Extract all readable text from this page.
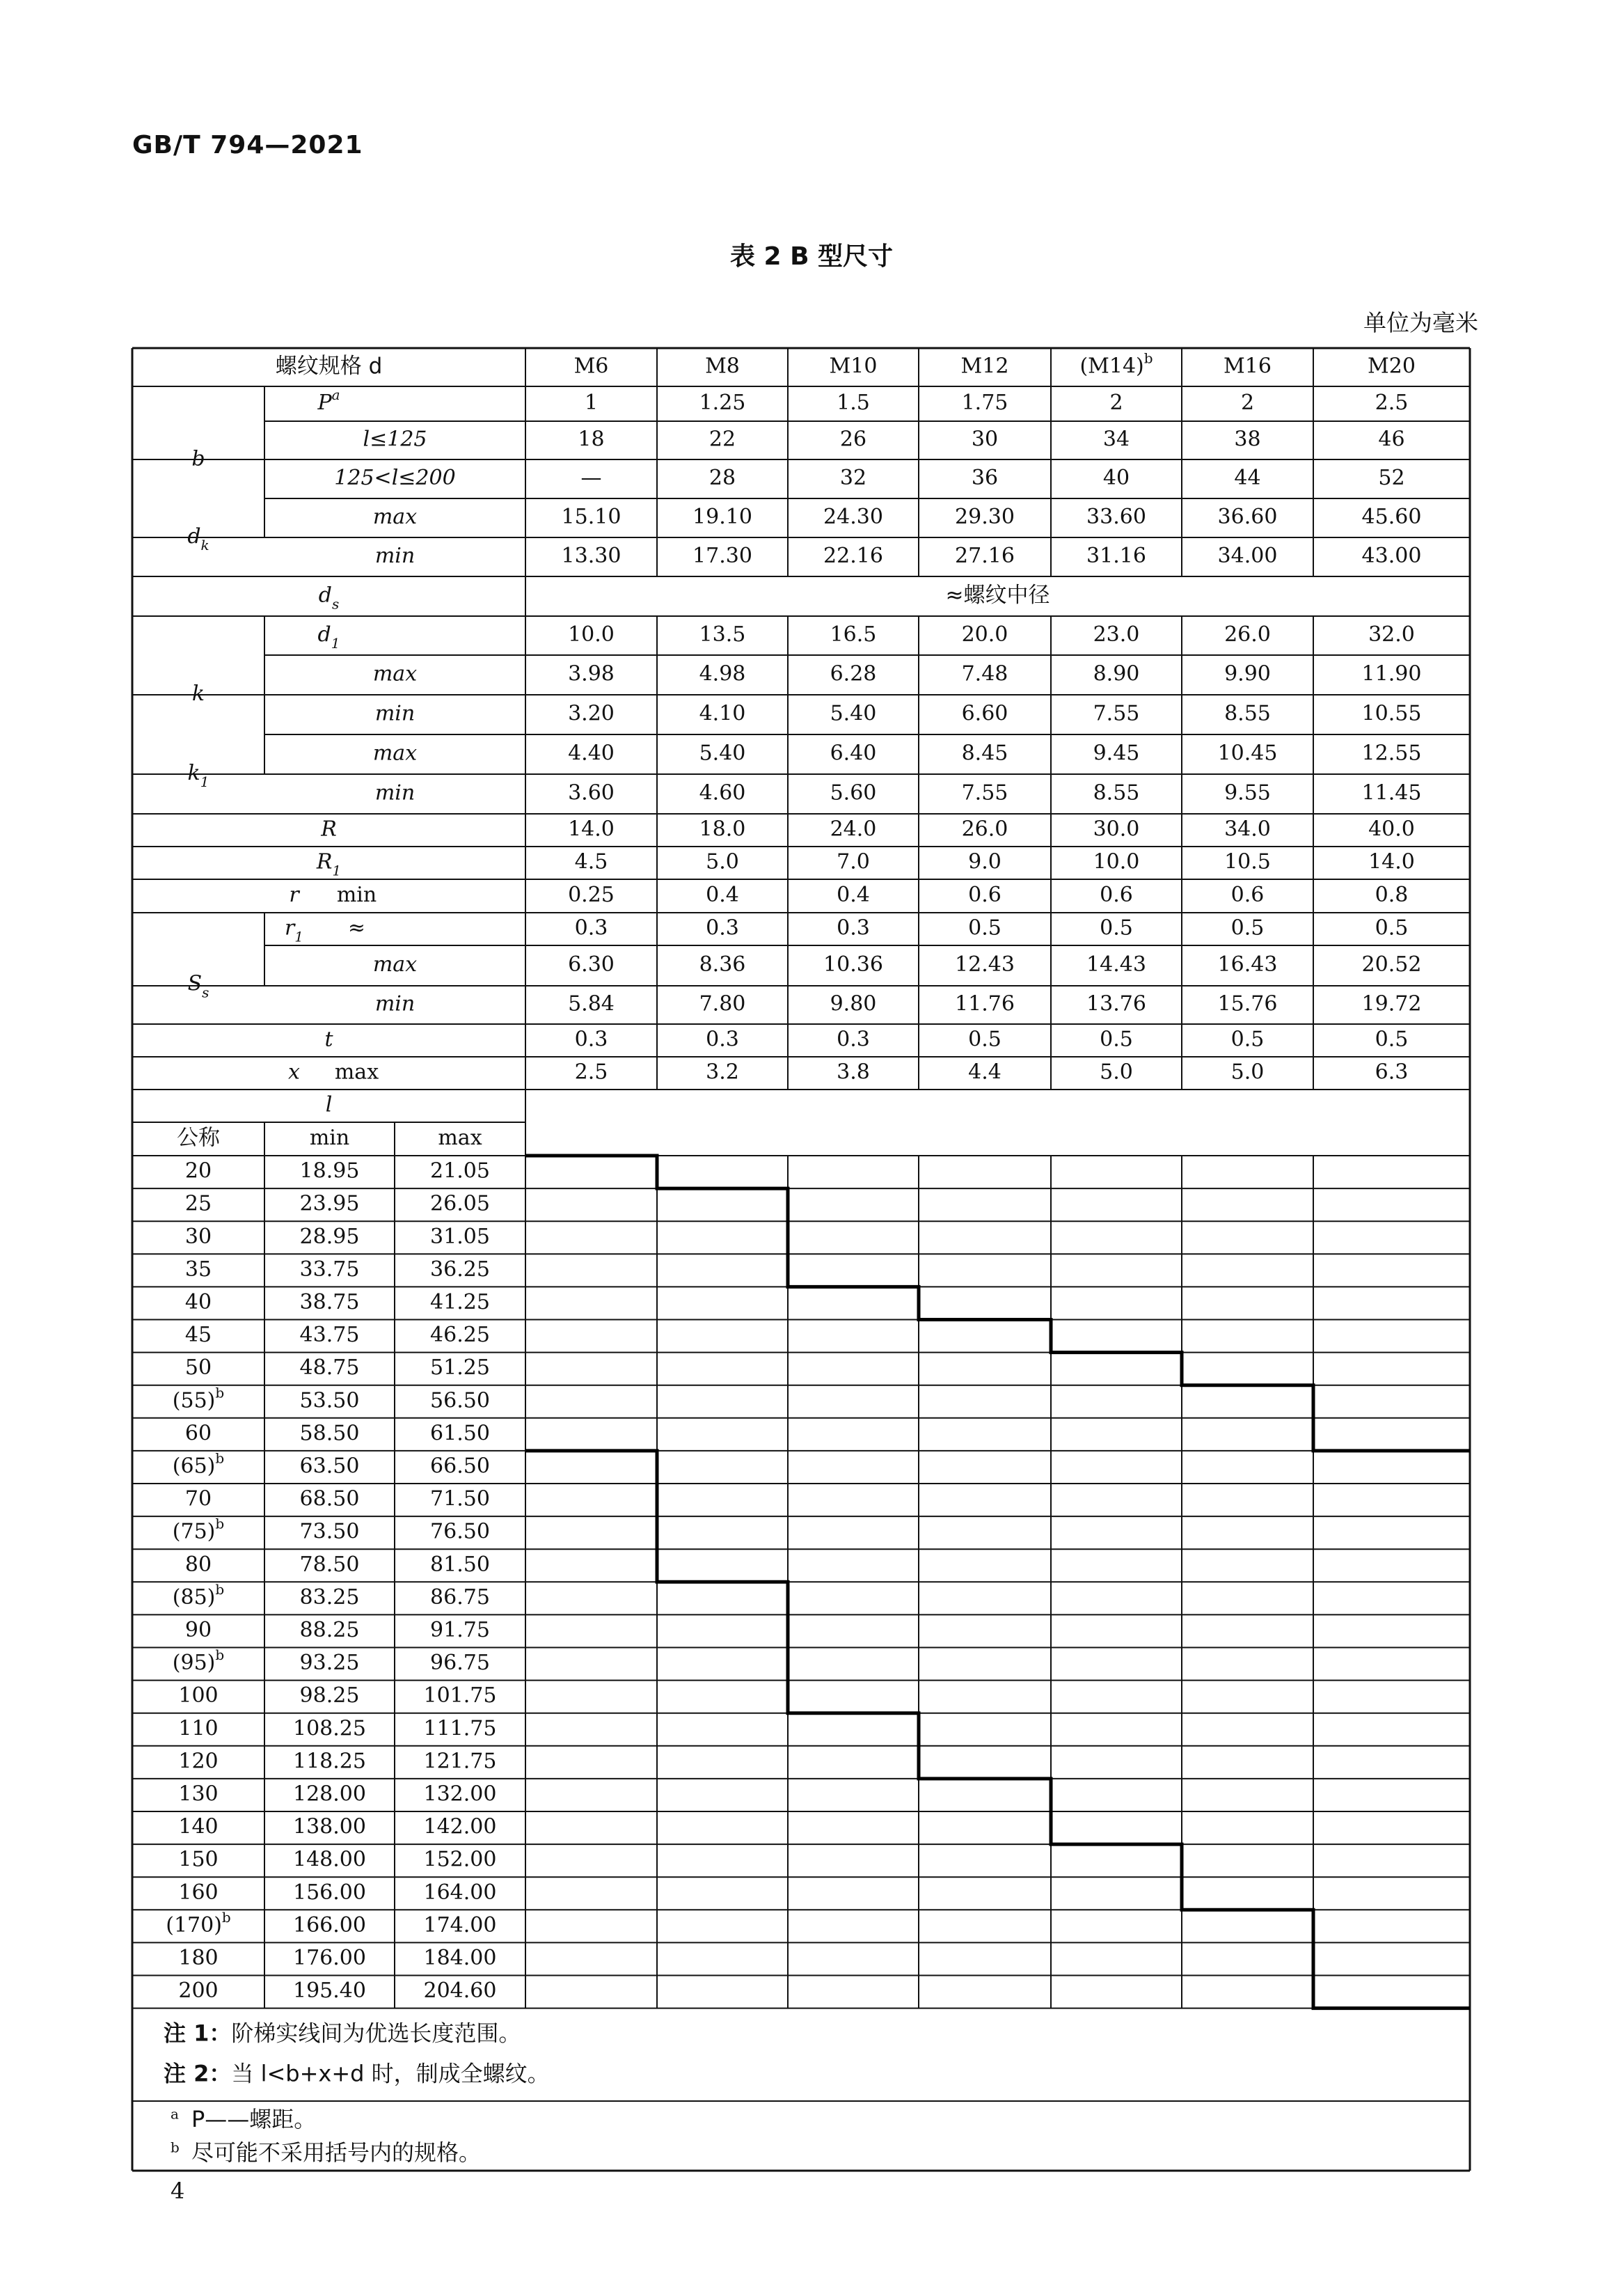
GB/T 794—2021
表 2 B 型尺寸
单位为毫米
4
螺纹规格 d	M6	M8	M10	M12	$(M14)^b$	M16	M20
$P^a$	1	1.25	1.5	1.75	2	2	2.5
b
l≤125	18	22	26	30	34	38	46
125<l≤200	—	28	32	36	40	44	52
$d_k$
max	15.10	19.10	24.30	29.30	33.60	36.60	45.60
min	13.30	17.30	22.16	27.16	31.16	34.00	43.00
$d_s$	≈螺纹中径
$d_1$	10.0	13.5	16.5	20.0	23.0	26.0	32.0
k
max	3.98	4.98	6.28	7.48	8.90	9.90	11.90
min	3.20	4.10	5.40	6.60	7.55	8.55	10.55
$k_1$
max	4.40	5.40	6.40	8.45	9.45	10.45	12.55
min	3.60	4.60	5.60	7.55	8.55	9.55	11.45
R	14.0	18.0	24.0	26.0	30.0	34.0	40.0
$R_1$	4.5	5.0	7.0	9.0	10.0	10.5	14.0
r min	0.25	0.4	0.4	0.6	0.6	0.6	0.8
$r_1$ ≈	0.3	0.3	0.3	0.5	0.5	0.5	0.5
$S_s$
max	6.30	8.36	10.36	12.43	14.43	16.43	20.52
min	5.84	7.80	9.80	11.76	13.76	15.76	19.72
t	0.3	0.3	0.3	0.5	0.5	0.5	0.5
x max	2.5	3.2	3.8	4.4	5.0	5.0	6.3
l
公称	min	max
20	18.95	21.05
25	23.95	26.05
30	28.95	31.05
35	33.75	36.25
40	38.75	41.25
45	43.75	46.25
50	48.75	51.25
$(55)^b$	53.50	56.50
60	58.50	61.50
$(65)^b$	63.50	66.50
70	68.50	71.50
$(75)^b$	73.50	76.50
80	78.50	81.50
$(85)^b$	83.25	86.75
90	88.25	91.75
$(95)^b$	93.25	96.75
100	98.25	101.75
110	108.25	111.75
120	118.25	121.75
130	128.00	132.00
140	138.00	142.00
150	148.00	152.00
160	156.00	164.00
$(170)^b$	166.00	174.00
180	176.00	184.00
200	195.40	204.60
注 1：阶梯实线间为优选长度范围。
注 2：当 l<b+x+d 时，制成全螺纹。
a P——螺距。
b 尽可能不采用括号内的规格。
